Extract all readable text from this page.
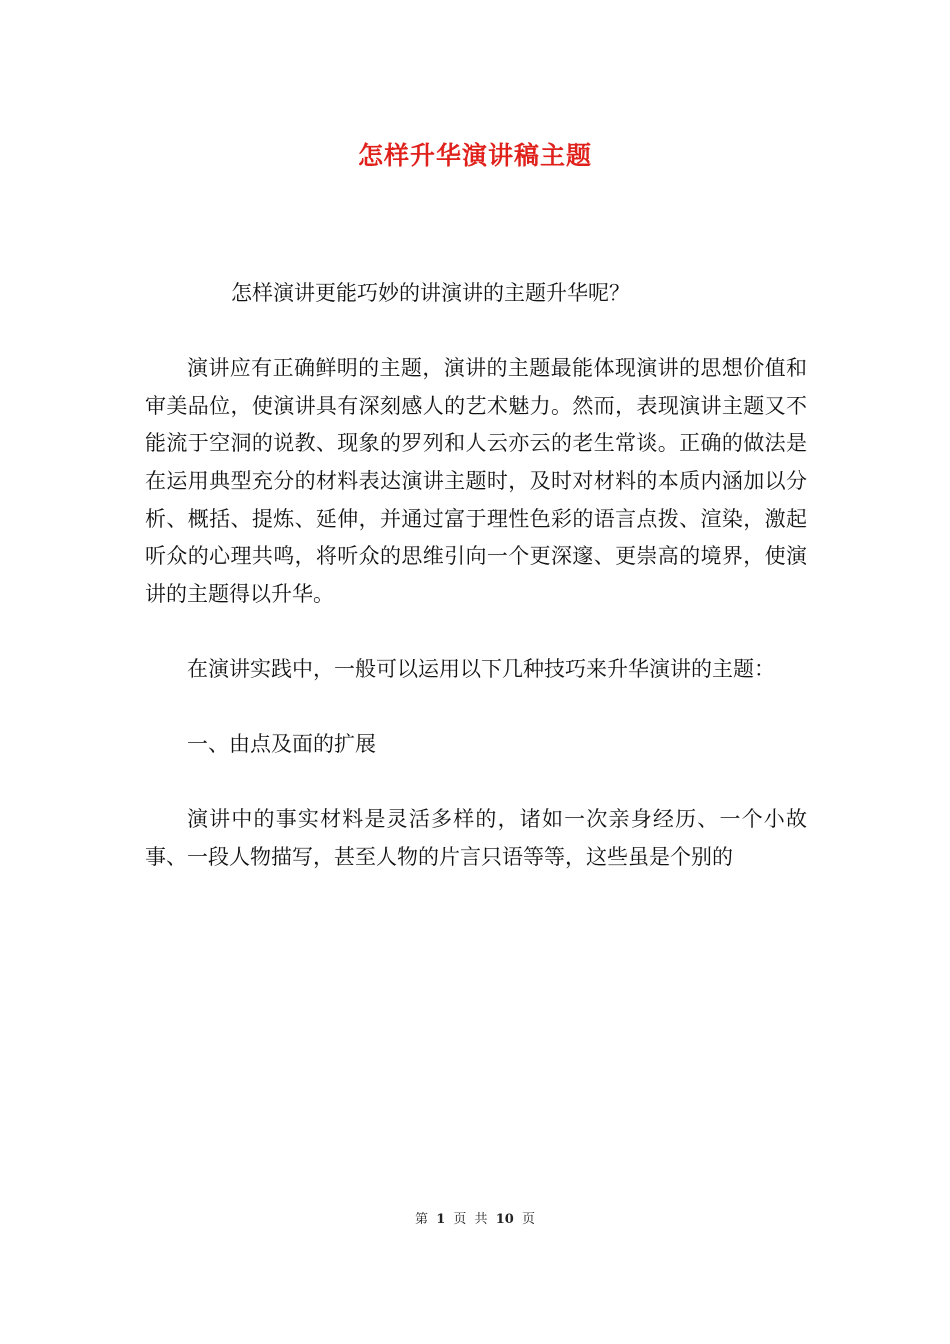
怎样升华演讲稿主题

怎样演讲更能巧妙的讲演讲的主题升华呢？

演讲应有正确鲜明的主题，演讲的主题最能体现演讲的思想价值和审美品位，使演讲具有深刻感人的艺术魅力。然而，表现演讲主题又不能流于空洞的说教、现象的罗列和人云亦云的老生常谈。正确的做法是在运用典型充分的材料表达演讲主题时，及时对材料的本质内涵加以分析、概括、提炼、延伸，并通过富于理性色彩的语言点拨、渲染，激起听众的心理共鸣，将听众的思维引向一个更深邃、更崇高的境界，使演讲的主题得以升华。

在演讲实践中，一般可以运用以下几种技巧来升华演讲的主题：

一、由点及面的扩展

演讲中的事实材料是灵活多样的，诸如一次亲身经历、一个小故事、一段人物描写，甚至人物的片言只语等等，这些虽是个别的

第 1 页 共 10 页
